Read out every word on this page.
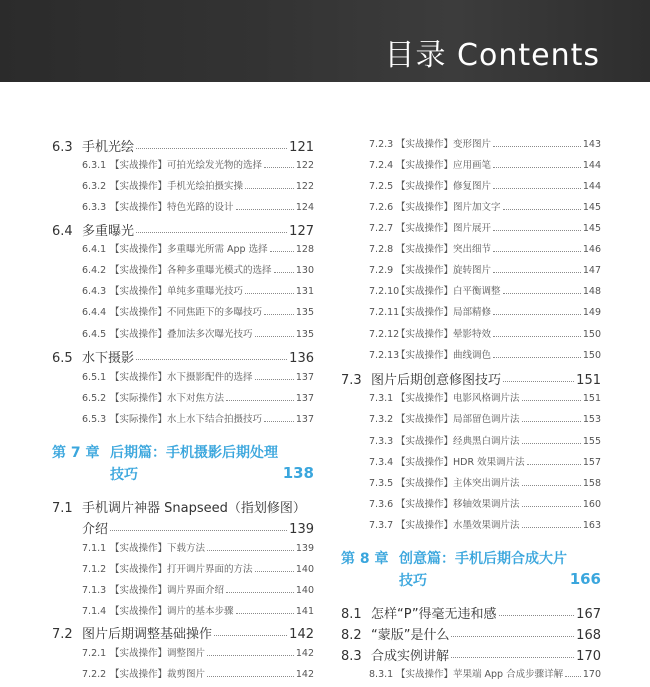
目录 Contents
6.3 手机光绘	121
6.3.1 【实战操作】可拍光绘发光物的选择	122
6.3.2 【实战操作】手机光绘拍摄实操	122
6.3.3 【实战操作】特色光路的设计	124
6.4 多重曝光	127
6.4.1 【实战操作】多重曝光所需 App 选择	128
6.4.2 【实战操作】各种多重曝光模式的选择	130
6.4.3 【实战操作】单纯多重曝光技巧	131
6.4.4 【实战操作】不同焦距下的多曝技巧	135
6.4.5 【实战操作】叠加法多次曝光技巧	135
6.5 水下摄影	136
6.5.1 【实战操作】水下摄影配件的选择	137
6.5.2 【实际操作】水下对焦方法	137
6.5.3 【实际操作】水上水下结合拍摄技巧	137
第 7 章 后期篇：手机摄影后期处理
技巧	138
7.1 手机调片神器 Snapseed（指划修图）
介绍	139
7.1.1 【实战操作】下载方法	139
7.1.2 【实战操作】打开调片界面的方法	140
7.1.3 【实战操作】调片界面介绍	140
7.1.4 【实战操作】调片的基本步骤	141
7.2 图片后期调整基础操作	142
7.2.1 【实战操作】调整图片	142
7.2.2 【实战操作】裁剪图片	142
7.2.3 【实战操作】变形图片	143
7.2.4 【实战操作】应用画笔	144
7.2.5 【实战操作】修复图片	144
7.2.6 【实战操作】图片加文字	145
7.2.7 【实战操作】图片展开	145
7.2.8 【实战操作】突出细节	146
7.2.9 【实战操作】旋转图片	147
7.2.10
【实战操作】白平衡调整	148
7.2.11
【实战操作】局部精修	149
7.2.12
【实战操作】晕影特效	150
7.2.13
【实战操作】曲线调色	150
7.3 图片后期创意修图技巧	151
7.3.1 【实战操作】电影风格调片法	151
7.3.2 【实战操作】局部留色调片法	153
7.3.3 【实战操作】经典黑白调片法	155
7.3.4 【实战操作】HDR 效果调片法	157
7.3.5 【实战操作】主体突出调片法	158
7.3.6 【实战操作】移轴效果调片法	160
7.3.7 【实战操作】水墨效果调片法	163
第 8 章 创意篇：手机后期合成大片
技巧	166
8.1 怎样“P”得毫无违和感	167
8.2 “蒙版”是什么	168
8.3 合成实例讲解	170
8.3.1 【实战操作】苹果端 App 合成步骤详解 170
